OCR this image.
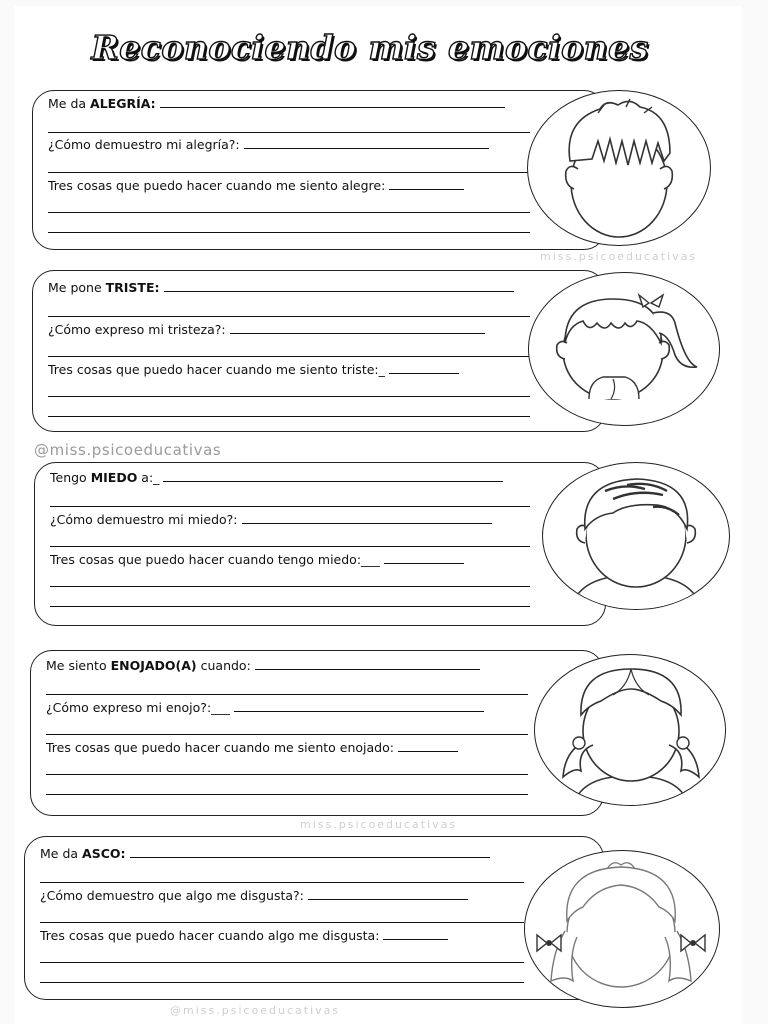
Reconociendo mis emociones
Me da ALEGRÍA:
¿Cómo demuestro mi alegría?:
Tres cosas que puedo hacer cuando me siento alegre:
miss.psicoeducativas
Me pone TRISTE:
¿Cómo expreso mi tristeza?:
Tres cosas que puedo hacer cuando me siento triste:_
@miss.psicoeducativas
Tengo MIEDO a:_
¿Cómo demuestro mi miedo?:
Tres cosas que puedo hacer cuando tengo miedo:___
Me siento ENOJADO(A) cuando:
¿Cómo expreso mi enojo?:___
Tres cosas que puedo hacer cuando me siento enojado:
miss.psicoeducativas
Me da ASCO:
¿Cómo demuestro que algo me disgusta?:
Tres cosas que puedo hacer cuando algo me disgusta:
@miss.psicoeducativas
